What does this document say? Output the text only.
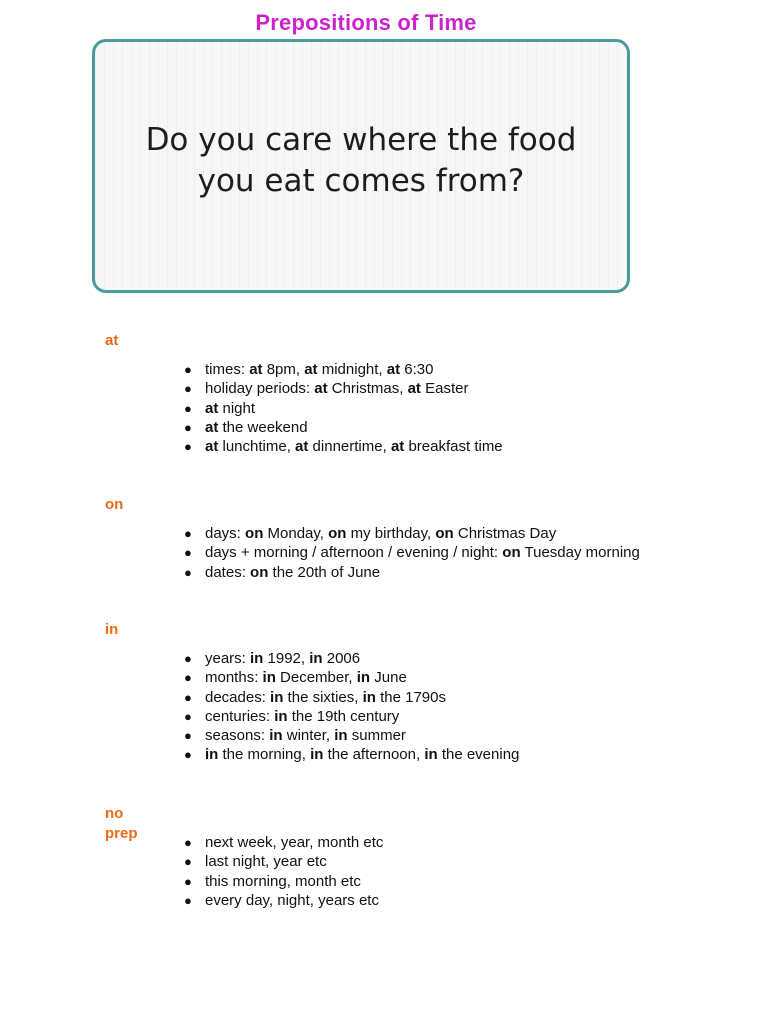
Prepositions of Time
Do you care where the food
you eat comes from?
at
● times: at 8pm, at midnight, at 6:30
● holiday periods: at Christmas, at Easter
● at night
● at the weekend
● at lunchtime, at dinnertime, at breakfast time
on
● days: on Monday, on my birthday, on Christmas Day
● days + morning / afternoon / evening / night: on Tuesday morning
● dates: on the 20th of June
in
● years: in 1992, in 2006
● months: in December, in June
● decades: in the sixties, in the 1790s
● centuries: in the 19th century
● seasons: in winter, in summer
● in the morning, in the afternoon, in the evening
no
prep
● next week, year, month etc
● last night, year etc
● this morning, month etc
● every day, night, years etc
